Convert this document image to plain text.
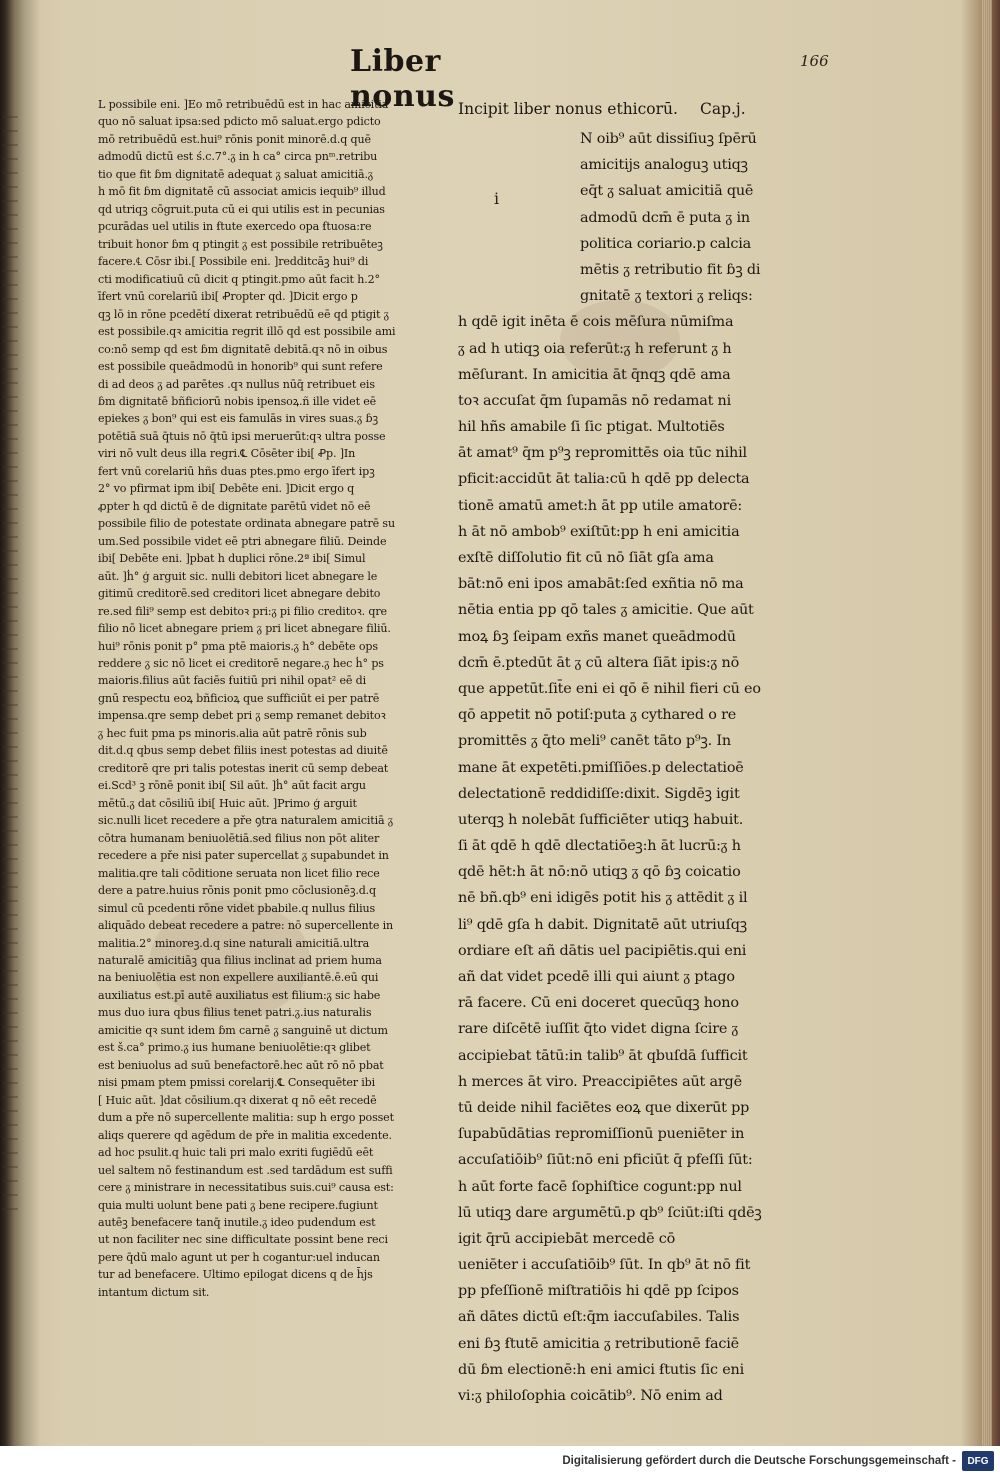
Liber nonus
166
L possibile eni. ]Eo mō retribuēdū est in hac amicitia
quo nō saluat ipsa:sed pdicto mō saluat.ergo pdicto
mō retribuēdū est.hui⁹ rōnis ponit minorē.d.q quē
admodū dictū est ś.c.7°.ᵹ in h ca° circa pnᵐ.retribu
tio que fit ɓm dignitatē adequat ᵹ saluat amicitiā.ᵹ
h mō fit ɓm dignitatē cū associat amicis iequib⁹ illud
qd utriqꝫ cōgruit.puta cū ei qui utilis est in pecunias
pcurādas uel utilis in ẜtute exercedo opa ẜtuosa:re
tribuit honor ɓm q ptingit ᵹ est possibile retribuēteꝫ
facere.℄ Cōsr ibi.[ Possibile eni. ]redditcāꝫ hui⁹ di
cti modificatiuū cū dicit q ptingit.pmo aūt facit h.2°
īfert vnū corelariū ibi[ Ꝓropter qd. ]Dicit ergo p
qꝫ lō in rōne pcedētí dixerat retribuēdū eē qd ptigit ᵹ
est possibile.qꝛ amicitia regrit illō qd est possibile ami
co:nō semp qd est ɓm dignitatē debitā.qꝛ nō in oibus
est possibile queādmodū in honorib⁹ qui sunt refere
di ad deos ᵹ ad parētes .qꝛ nullus nūq̄ retribuet eis
ɓm dignitatē bñficiorū nobis ipensoꝝ.ñ ille videt eē
epiekes ᵹ bon⁹ qui est eis famulās in vires suas.ᵹ ɓꝫ
potētiā suā q̄tuis nō q̄tū ipsi meruerūt:qꝛ ultra posse
viri nō vult deus illa regri.℄ Cōsēter ibi[ Ꝓp. ]In
fert vnū corelariū hñs duas ptes.pmo ergo īfert ipꝫ
2° vo pfirmat ipm ibi[ Debēte eni. ]Dicit ergo q
ꝓpter h qd dictū ē de dignitate parētū videt nō eē
possibile filio de potestate ordinata abnegare patrē su
um.Sed possibile videt eē ptri abnegare filiū. Deinde
ibi[ Debēte eni. ]pbat h duplici rōne.2ª ibi[ Simul
aūt. ]ḣ° ģ arguit sic. nulli debitori licet abnegare le
gitimū creditorē.sed creditori licet abnegare debito
re.sed fili⁹ semp est debitoꝛ pri:ᵹ pi filio creditoꝛ. qre
filio nō licet abnegare priem ᵹ pri licet abnegare filiū.
hui⁹ rōnis ponit p° pma ptē maioris.ᵹ h° debēte ops
reddere ᵹ sic nō licet ei creditorē negare.ᵹ hec ḣ° ps
maioris.filius aūt faciēs ẜuitiū pri nihil opat² eē di
gnū respectu eoꝝ bñficioꝝ que sufficiūt ei per patrē
impensa.qre semp debet pri ᵹ semp remanet debitoꝛ
ᵹ hec fuit pma ps minoris.alia aūt patrē rōnis sub
dit.d.q qbus semp debet filiis inest potestas ad diuitē
creditorē qre pri talis potestas inerit cū semp debeat
ei.Scd³ ꝫ rōnē ponit ibi[ Sil aūt. ]ḣ° aūt facit argu
mētū.ᵹ dat cōsiliū ibi[ Huic aūt. ]Primo ģ arguit
sic.nulli licet recedere a pře ꝯtra naturalem amicitiā ᵹ
cōtra humanam beniuolētiā.sed filius non pōt aliter
recedere a pře nisi pater supercellat ᵹ supabundet in
malitia.qre tali cōditione seruata non licet filio rece
dere a patre.huius rōnis ponit pmo cōclusionēꝫ.d.q
simul cū pcedenti rōne videt pbabile.q nullus filius
aliquādo debeat recedere a patre: nō supercellente in
malitia.2° minoreꝫ.d.q sine naturali amicitiā.ultra
naturalē amicitiāꝫ qua filius inclinat ad priem huma
na beniuolētia est non expellere auxiliantē.ē.eū qui
auxiliatus est.pī autē auxiliatus est filium:ᵹ sic habe
mus duo iura qbus filius tenet patri.ᵹ.ius naturalis
amicitie qꝛ sunt idem ɓm carnē ᵹ sanguinē ut dictum
est š.ca° primo.ᵹ ius humane beniuolētie:qꝛ glibet
est beniuolus ad suū benefactorē.hec aūt rō nō pbat
nisi pmam ptem pmissi corelarij.℄ Consequēter ibi
[ Huic aūt. ]dat cōsilium.qꝛ dixerat q nō eēt recedē
dum a pře nō supercellente malitia: sup h ergo posset
aliqs querere qd agēdum de pře in malitia excedente.
ad hoc psulit.q huic tali pri malo exriti fugiēdū eēt
uel saltem nō festinandum est .sed tardādum est suffi
cere ᵹ ministrare in necessitatibus suis.cui⁹ causa est:
quia multi uolunt bene pati ᵹ bene recipere.fugiunt
autēꝫ benefacere tanq̄ inutile.ᵹ ideo pudendum est
ut non faciliter nec sine difficultate possint bene reci
pere q̄dū malo agunt ut per h cogantur:uel inducan
tur ad benefacere. Ultimo epilogat dicens q de h̄js
intantum dictum sit.
Incipit liber nonus ethicorū. Cap.j.
N oib⁹ aūt dissiſiuꝫ ſpērū
amicitijs analoguꝫ utiqꝫ
eq̄t ᵹ saluat amicitiā quē
admodū dcm̄ ē puta ᵹ in
politica coriario.p calcia
mētis ᵹ retributio fit ɓꝫ di
gnitatē ᵹ textori ᵹ reliqs:
h qdē igit inēta ē cois mēſura nūmiſma
ᵹ ad h utiqꝫ oia referūt:ᵹ h referunt ᵹ h
mēſurant. In amicitia āt q̄nqꝫ qdē ama
toꝛ accuſat q̄m ſupamās nō redamat ni
hil hñs amabile ſi ſic ptigat. Multotiēs
āt amat⁹ q̄m p⁹ꝫ repromittēs oia tūc nihil
pficit:accidūt āt talia:cū h qdē pp delecta
tionē amatū amet:h āt pp utile amatorē:
h āt nō ambob⁹ exiſtūt:pp h eni amicitia
exſtē diſſolutio fit cū nō ſiāt gſa ama
bāt:nō eni ipos amabāt:ſed exñtia nō ma
nētia entia pp qō tales ᵹ amicitie. Que aūt
moꝝ ɓꝫ ſeipam exñs manet queādmodū
dcm̄ ē.ptedūt āt ᵹ cū altera ſiāt ipis:ᵹ nō
que appetūt.ſit̄e eni ei qō ē nihil fieri cū eo
qō appetit nō potiſ:puta ᵹ cythared o re
promittēs ᵹ q̄to meli⁹ canēt tāto p⁹ꝫ. In
mane āt expetēti.pmiſſiōes.p delectatioē
delectationē reddidiſſe:dixit. Sigdēꝫ igit
uterqꝫ h nolebāt ſufficiēter utiqꝫ habuit.
ſi āt qdē h qdē dlectatiōeꝫ:h āt lucrū:ᵹ h
qdē hēt:h āt nō:nō utiqꝫ ᵹ qō ɓꝫ coicatio
nē bñ.qb⁹ eni idigēs potit his ᵹ attēdit ᵹ il
li⁹ qdē gſa h dabit. Dignitatē aūt utriuſqꝫ
ordiare eſt añ dātis uel pacipiētis.qui eni
añ dat videt pcedē illi qui aiunt ᵹ ptago
rā facere. Cū eni doceret quecūqꝫ hono
rare diſcētē iuſſit q̄to videt digna ſcire ᵹ
accipiebat tātū:in talib⁹ āt qbuſdā ſufficit
h merces āt viro. Preaccipiētes aūt argē
tū deide nihil faciētes eoꝝ que dixerūt pp
ſupabūdātias repromiſſionū pueniēter in
accuſatiōib⁹ ſiūt:nō eni pficiūt q̄ pfeſſi ſūt:
h aūt forte facē ſophiſtice cogunt:pp nul
lū utiqꝫ dare argumētū.p qb⁹ ſciūt:iſti qdēꝫ
igit q̄rū accipiebāt mercedē cō
ueniēter i accuſatiōib⁹ ſūt. In qb⁹ āt nō fit
pp pfeſſionē miſtratiōis hi qdē pp ſcipos
añ dātes dictū eſt:q̄m iaccuſabiles. Talis
eni ɓꝫ ẜtutē amicitia ᵹ retributionē faciē
dū ɓm electionē:h eni amici ẜtutis ſic eni
vi:ᵹ philoſophia coicātib⁹. Nō enim ad
i
Digitalisierung gefördert durch die Deutsche Forschungsgemeinschaft -	DFG
